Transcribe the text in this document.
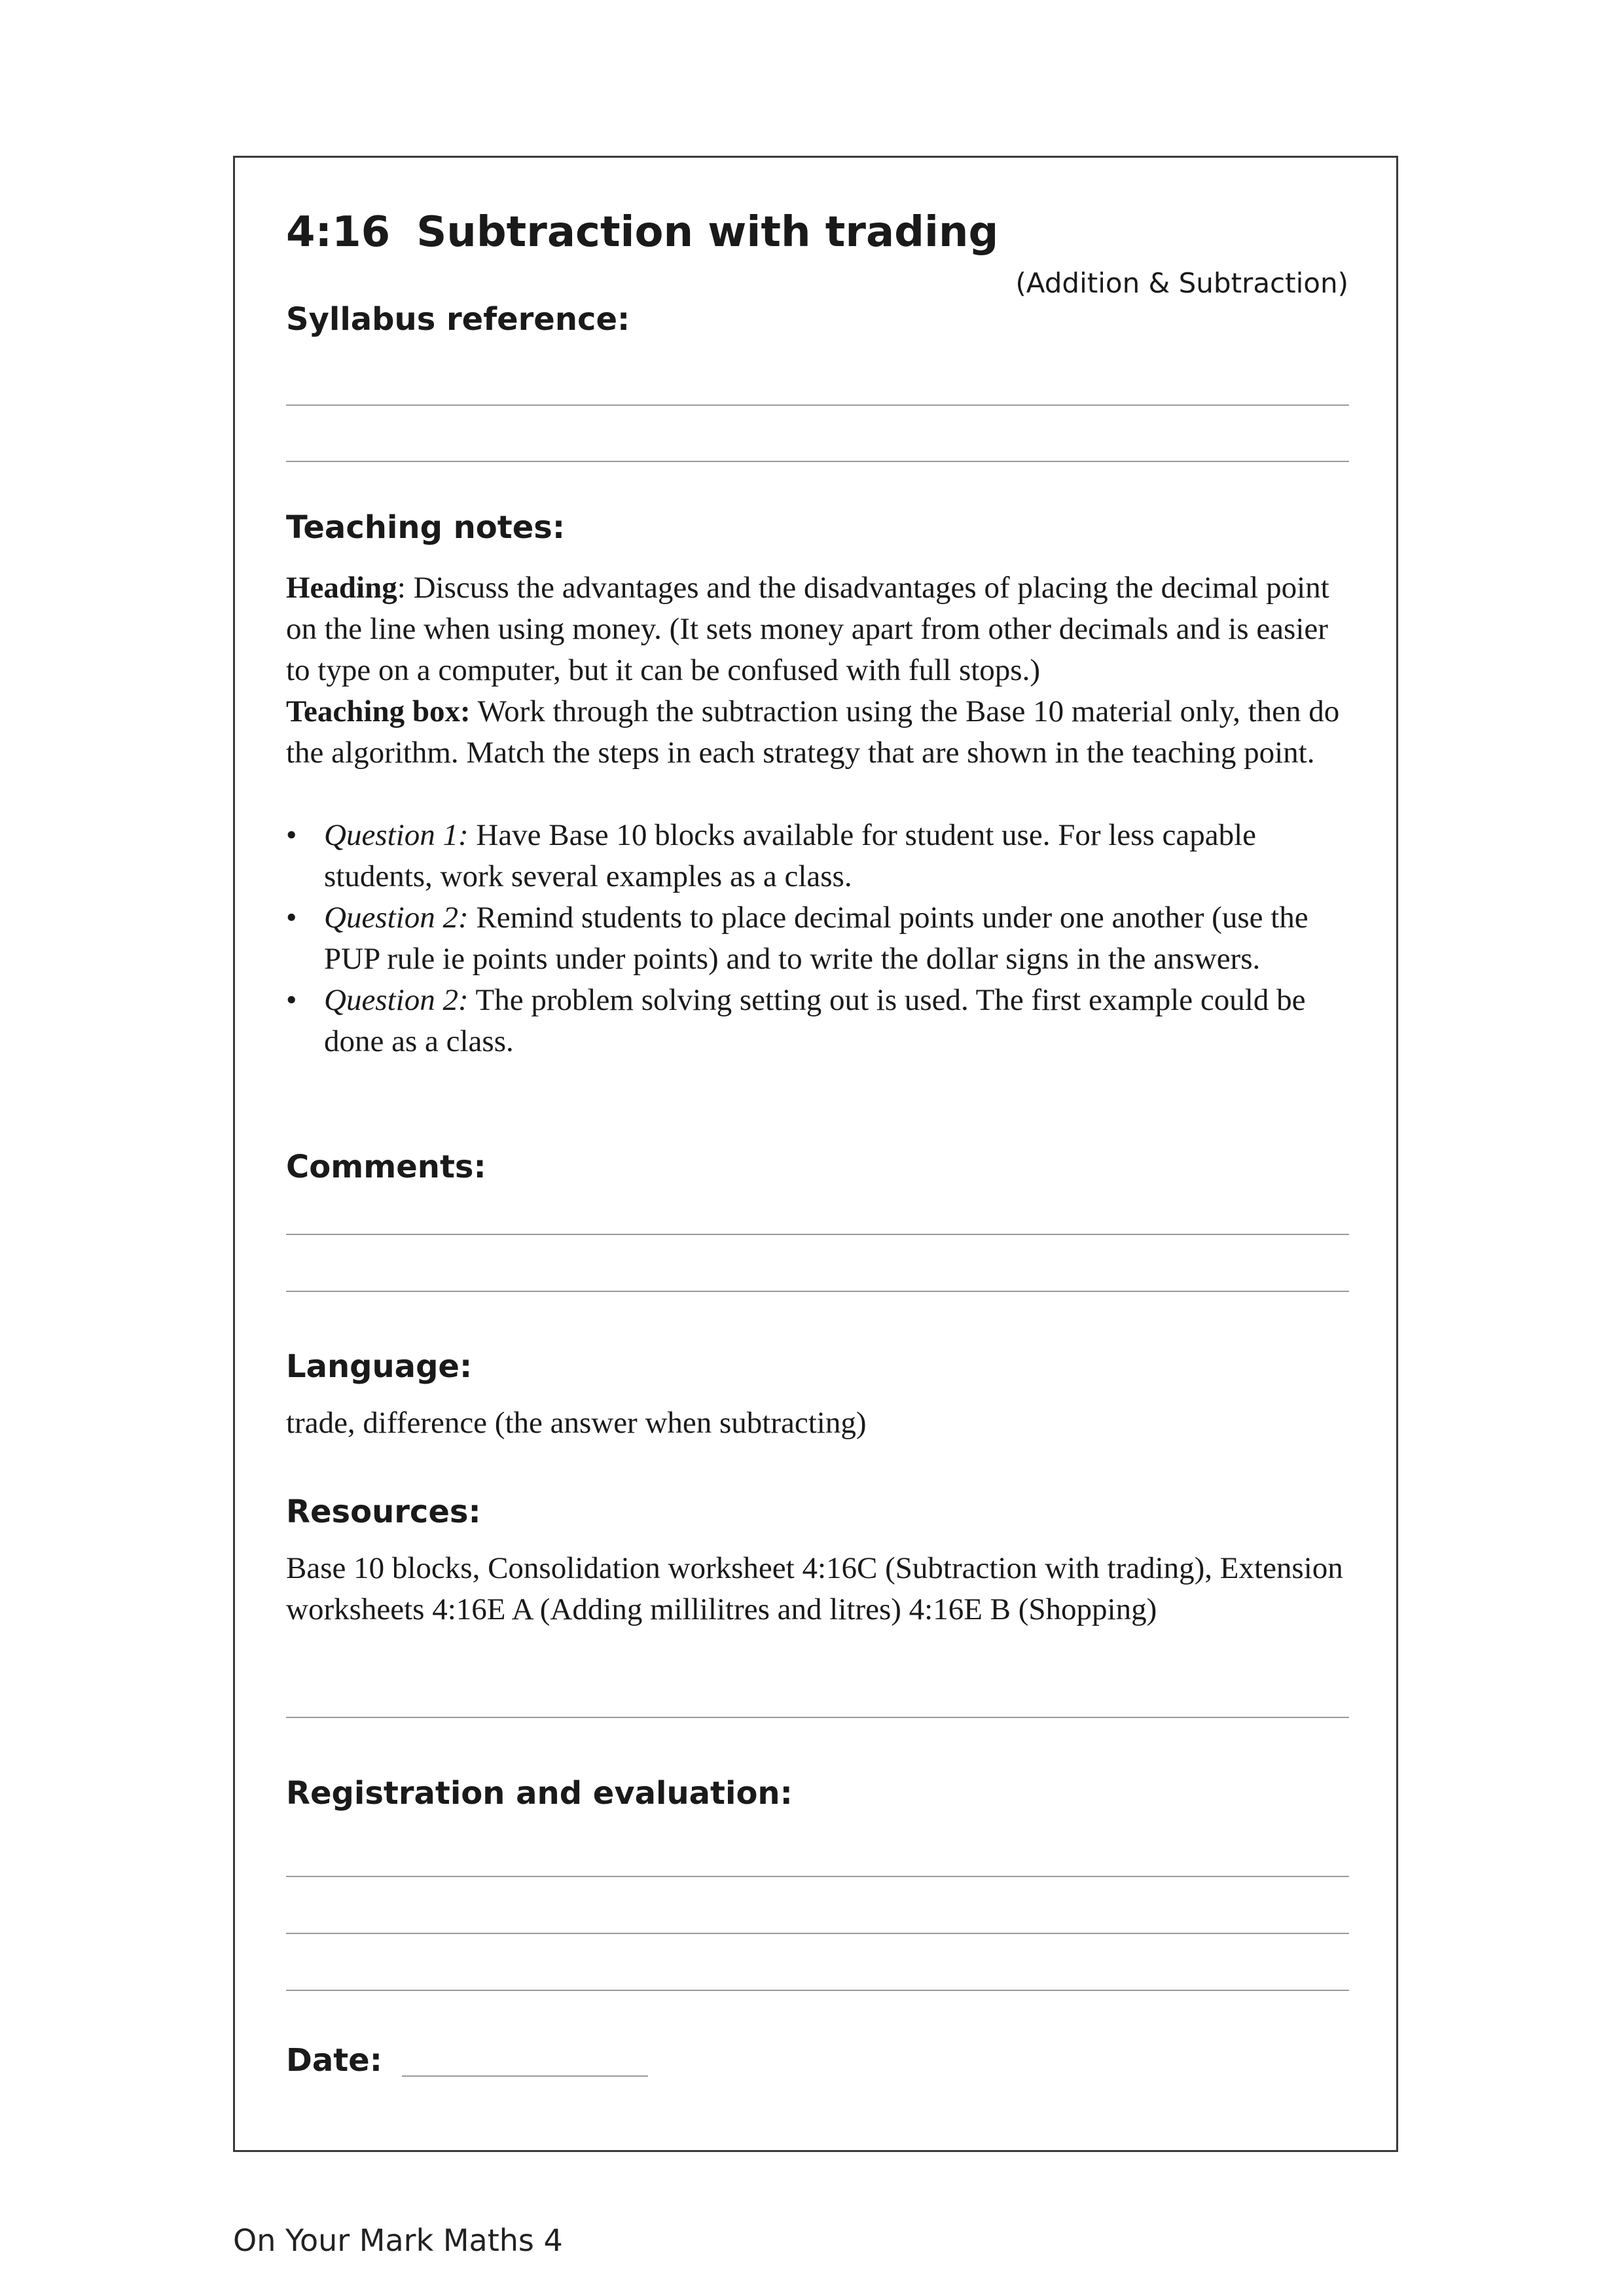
4:16 Subtraction with trading
(Addition & Subtraction)
Syllabus reference:
Teaching notes:

Heading: Discuss the advantages and the disadvantages of placing the decimal point on the line when using money. (It sets money apart from other decimals and is easier to type on a computer, but it can be confused with full stops.)
Teaching box: Work through the subtraction using the Base 10 material only, then do the algorithm. Match the steps in each strategy that are shown in the teaching point.

• Question 1: Have Base 10 blocks available for student use. For less capable students, work several examples as a class.
• Question 2: Remind students to place decimal points under one another (use the PUP rule ie points under points) and to write the dollar signs in the answers.
• Question 2: The problem solving setting out is used. The first example could be done as a class.
Comments:
Language:

trade, difference (the answer when subtracting)

Resources:

Base 10 blocks, Consolidation worksheet 4:16C (Subtraction with trading), Extension worksheets 4:16E A (Adding millilitres and litres) 4:16E B (Shopping)

Registration and evaluation:
Date:
On Your Mark Maths 4
